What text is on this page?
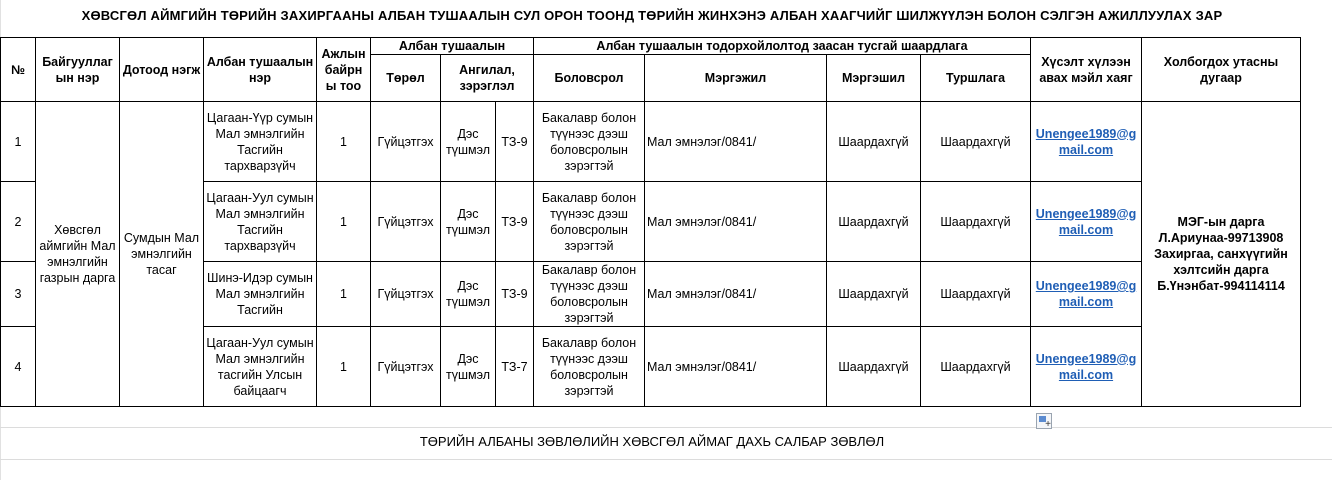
ХӨВСГӨЛ АЙМГИЙН ТӨРИЙН ЗАХИРГААНЫ АЛБАН ТУШААЛЫН СУЛ ОРОН ТООНД ТӨРИЙН ЖИНХЭНЭ АЛБАН ХААГЧИЙГ ШИЛЖҮҮЛЭН БОЛОН СЭЛГЭН АЖИЛЛУУЛАХ ЗАР
№	Байгууллаг ын нэр	Дотоод нэгж	Албан тушаалын нэр	Ажлын байрн ы тоо	Албан тушаалын			Албан тушаалын тодорхойлолтод заасан тусгай шаардлага				Хүсэлт хүлээн авах мэйл хаяг	Холбогдох утасны дугаар
					Төрөл	Ангилал, зэрэглэл		Боловсрол	Мэргэжил	Мэргэшил	Туршлага		
1	Хөвсгөл аймгийн Мал эмнэлгийн газрын дарга	Сумдын Мал эмнэлгийн тасаг	Цагаан-Үүр сумын Мал эмнэлгийн Тасгийн тархварзүйч	1	Гүйцэтгэх	Дэс түшмэл	ТЗ-9	Бакалавр болон түүнээс дээш боловсролын зэрэгтэй	Мал эмнэлэг/0841/	Шаардахгүй	Шаардахгүй	Unengee1989@gmail.com	МЭГ-ын дарга
Л.Ариунаа-99713908
Захиргаа, санхүүгийн хэлтсийн дарга
Б.Үнэнбат-994114114

2			Цагаан-Уул сумын Мал эмнэлгийн Тасгийн тархварзүйч	1	Гүйцэтгэх	Дэс түшмэл	ТЗ-9	Бакалавр болон түүнээс дээш боловсролын зэрэгтэй	Мал эмнэлэг/0841/	Шаардахгүй	Шаардахгүй	Unengee1989@gmail.com	
3			Шинэ-Идэр сумын Мал эмнэлгийн Тасгийн	1	Гүйцэтгэх	Дэс түшмэл	ТЗ-9	Бакалавр болон түүнээс дээш боловсролын зэрэгтэй	Мал эмнэлэг/0841/	Шаардахгүй	Шаардахгүй	Unengee1989@gmail.com	
4			Цагаан-Уул сумын Мал эмнэлгийн тасгийн Улсын байцаагч	1	Гүйцэтгэх	Дэс түшмэл	ТЗ-7	Бакалавр болон түүнээс дээш боловсролын зэрэгтэй	Мал эмнэлэг/0841/	Шаардахгүй	Шаардахгүй	Unengee1989@gmail.com	
+
ТӨРИЙН АЛБАНЫ ЗӨВЛӨЛИЙН ХӨВСГӨЛ АЙМАГ ДАХЬ САЛБАР ЗӨВЛӨЛ
